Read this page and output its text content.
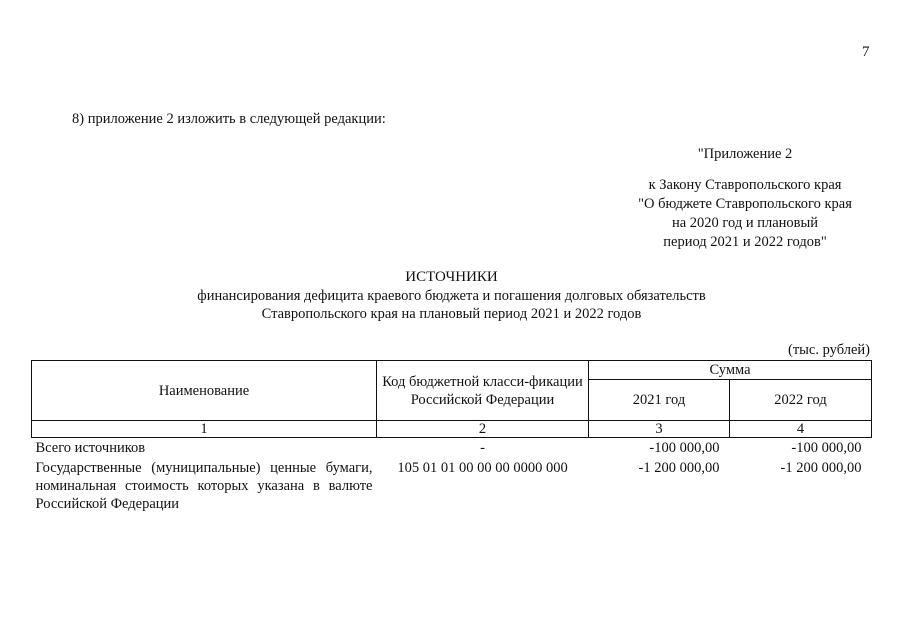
7
8) приложение 2 изложить в следующей редакции:
"Приложение 2
к Закону Ставропольского края
"О бюджете Ставропольского края
на 2020 год и плановый
период 2021 и 2022 годов"
ИСТОЧНИКИ
финансирования дефицита краевого бюджета и погашения долговых обязательств
Ставропольского края на плановый период 2021 и 2022 годов
(тыс. рублей)
Наименование	Код бюджетной класси-фикации Российской Федерации	Сумма	
		2021 год	2022 год
1	2	3	4
Всего источников	-	-100 000,00	-100 000,00
Государственные (муниципальные) ценные бумаги, номинальная стоимость которых указана в валюте Российской Федерации	105 01 01 00 00 00 0000 000	-1 200 000,00	-1 200 000,00
